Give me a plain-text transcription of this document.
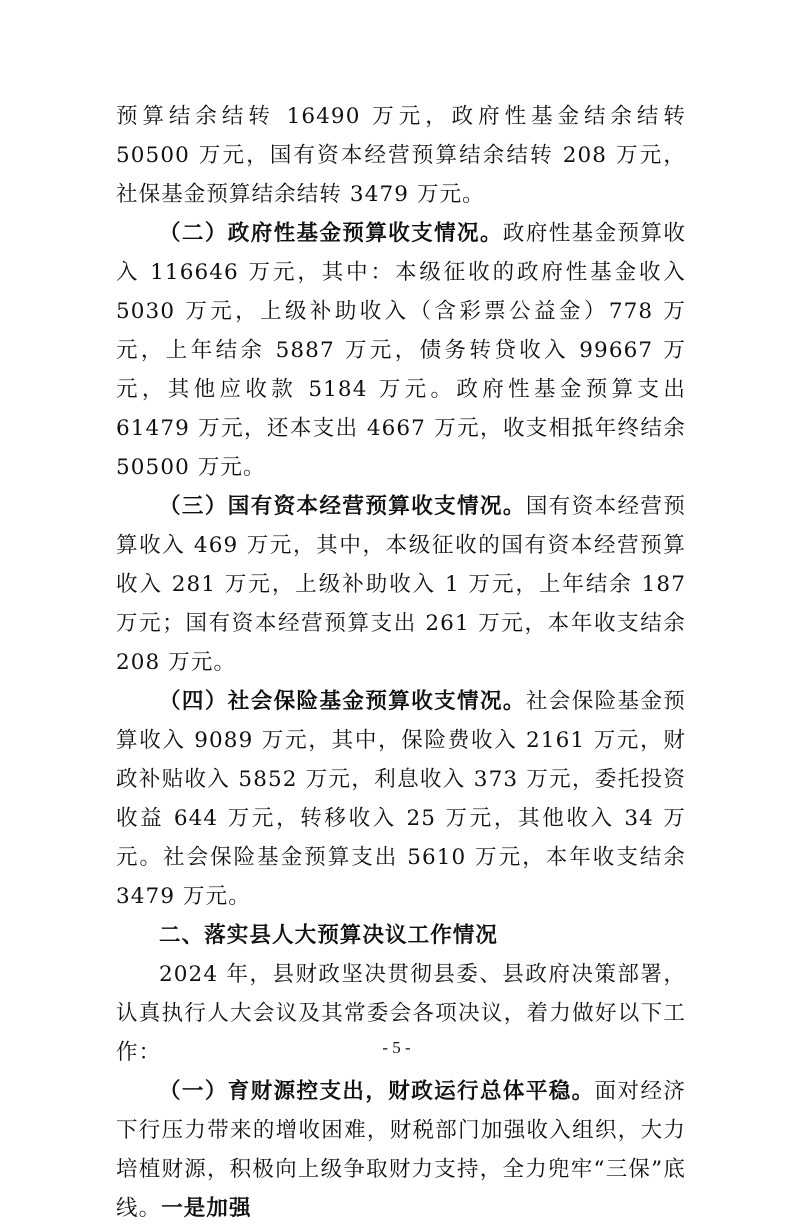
预算结余结转 16490 万元，政府性基金结余结转 50500 万元，国有资本经营预算结余结转 208 万元，社保基金预算结余结转 3479 万元。

（二）政府性基金预算收支情况。政府性基金预算收入 116646 万元，其中：本级征收的政府性基金收入 5030 万元，上级补助收入（含彩票公益金）778 万元，上年结余 5887 万元，债务转贷收入 99667 万元，其他应收款 5184 万元。政府性基金预算支出 61479 万元，还本支出 4667 万元，收支相抵年终结余 50500 万元。

（三）国有资本经营预算收支情况。国有资本经营预算收入 469 万元，其中，本级征收的国有资本经营预算收入 281 万元，上级补助收入 1 万元，上年结余 187 万元；国有资本经营预算支出 261 万元，本年收支结余 208 万元。

（四）社会保险基金预算收支情况。社会保险基金预算收入 9089 万元，其中，保险费收入 2161 万元，财政补贴收入 5852 万元，利息收入 373 万元，委托投资收益 644 万元，转移收入 25 万元，其他收入 34 万元。社会保险基金预算支出 5610 万元，本年收支结余 3479 万元。

二、落实县人大预算决议工作情况

2024 年，县财政坚决贯彻县委、县政府决策部署，认真执行人大会议及其常委会各项决议，着力做好以下工作：

（一）育财源控支出，财政运行总体平稳。面对经济下行压力带来的增收困难，财税部门加强收入组织，大力培植财源，积极向上级争取财力支持，全力兜牢“三保”底线。一是加强

- 5 -
